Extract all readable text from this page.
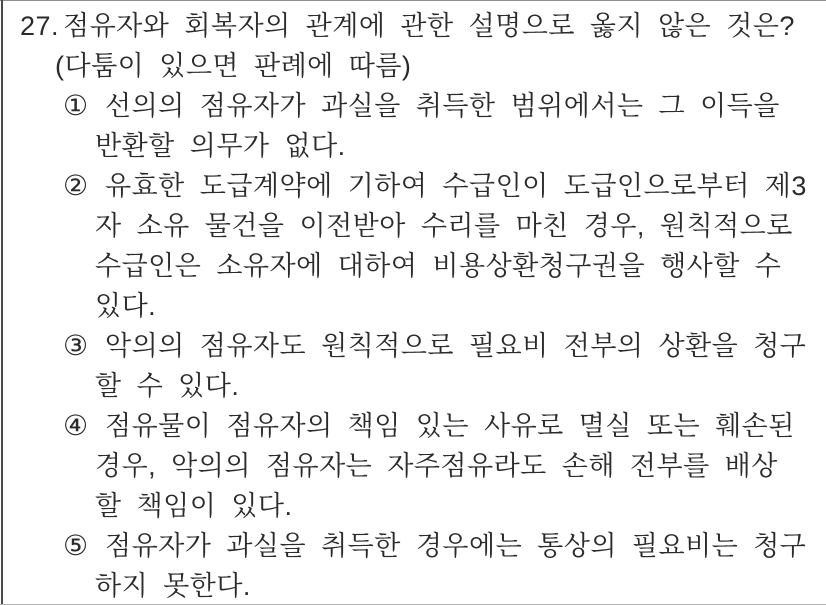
27. 점유자와 회복자의 관계에 관한 설명으로 옳지 않은 것은?
(다툼이 있으면 판례에 따름)
① 선의의 점유자가 과실을 취득한 범위에서는 그 이득을
반환할 의무가 없다.
② 유효한 도급계약에 기하여 수급인이 도급인으로부터 제3
자 소유 물건을 이전받아 수리를 마친 경우, 원칙적으로
수급인은 소유자에 대하여 비용상환청구권을 행사할 수
있다.
③ 악의의 점유자도 원칙적으로 필요비 전부의 상환을 청구
할 수 있다.
④ 점유물이 점유자의 책임 있는 사유로 멸실 또는 훼손된
경우, 악의의 점유자는 자주점유라도 손해 전부를 배상
할 책임이 있다.
⑤ 점유자가 과실을 취득한 경우에는 통상의 필요비는 청구
하지 못한다.
